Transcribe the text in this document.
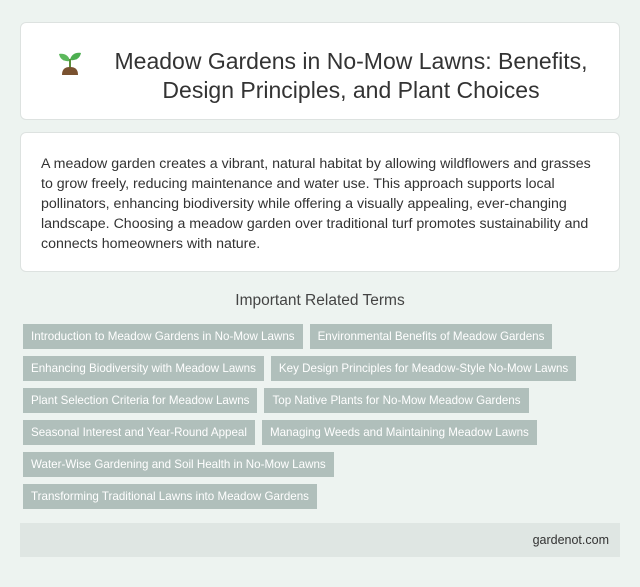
Meadow Gardens in No-Mow Lawns: Benefits, Design Principles, and Plant Choices

A meadow garden creates a vibrant, natural habitat by allowing wildflowers and grasses to grow freely, reducing maintenance and water use. This approach supports local pollinators, enhancing biodiversity while offering a visually appealing, ever-changing landscape. Choosing a meadow garden over traditional turf promotes sustainability and connects homeowners with nature.

Important Related Terms
Introduction to Meadow Gardens in No-Mow Lawns	Environmental Benefits of Meadow Gardens
Enhancing Biodiversity with Meadow Lawns	Key Design Principles for Meadow-Style No-Mow Lawns
Plant Selection Criteria for Meadow Lawns	Top Native Plants for No-Mow Meadow Gardens
Seasonal Interest and Year-Round Appeal	Managing Weeds and Maintaining Meadow Lawns
Water-Wise Gardening and Soil Health in No-Mow Lawns
Transforming Traditional Lawns into Meadow Gardens
gardenot.com
